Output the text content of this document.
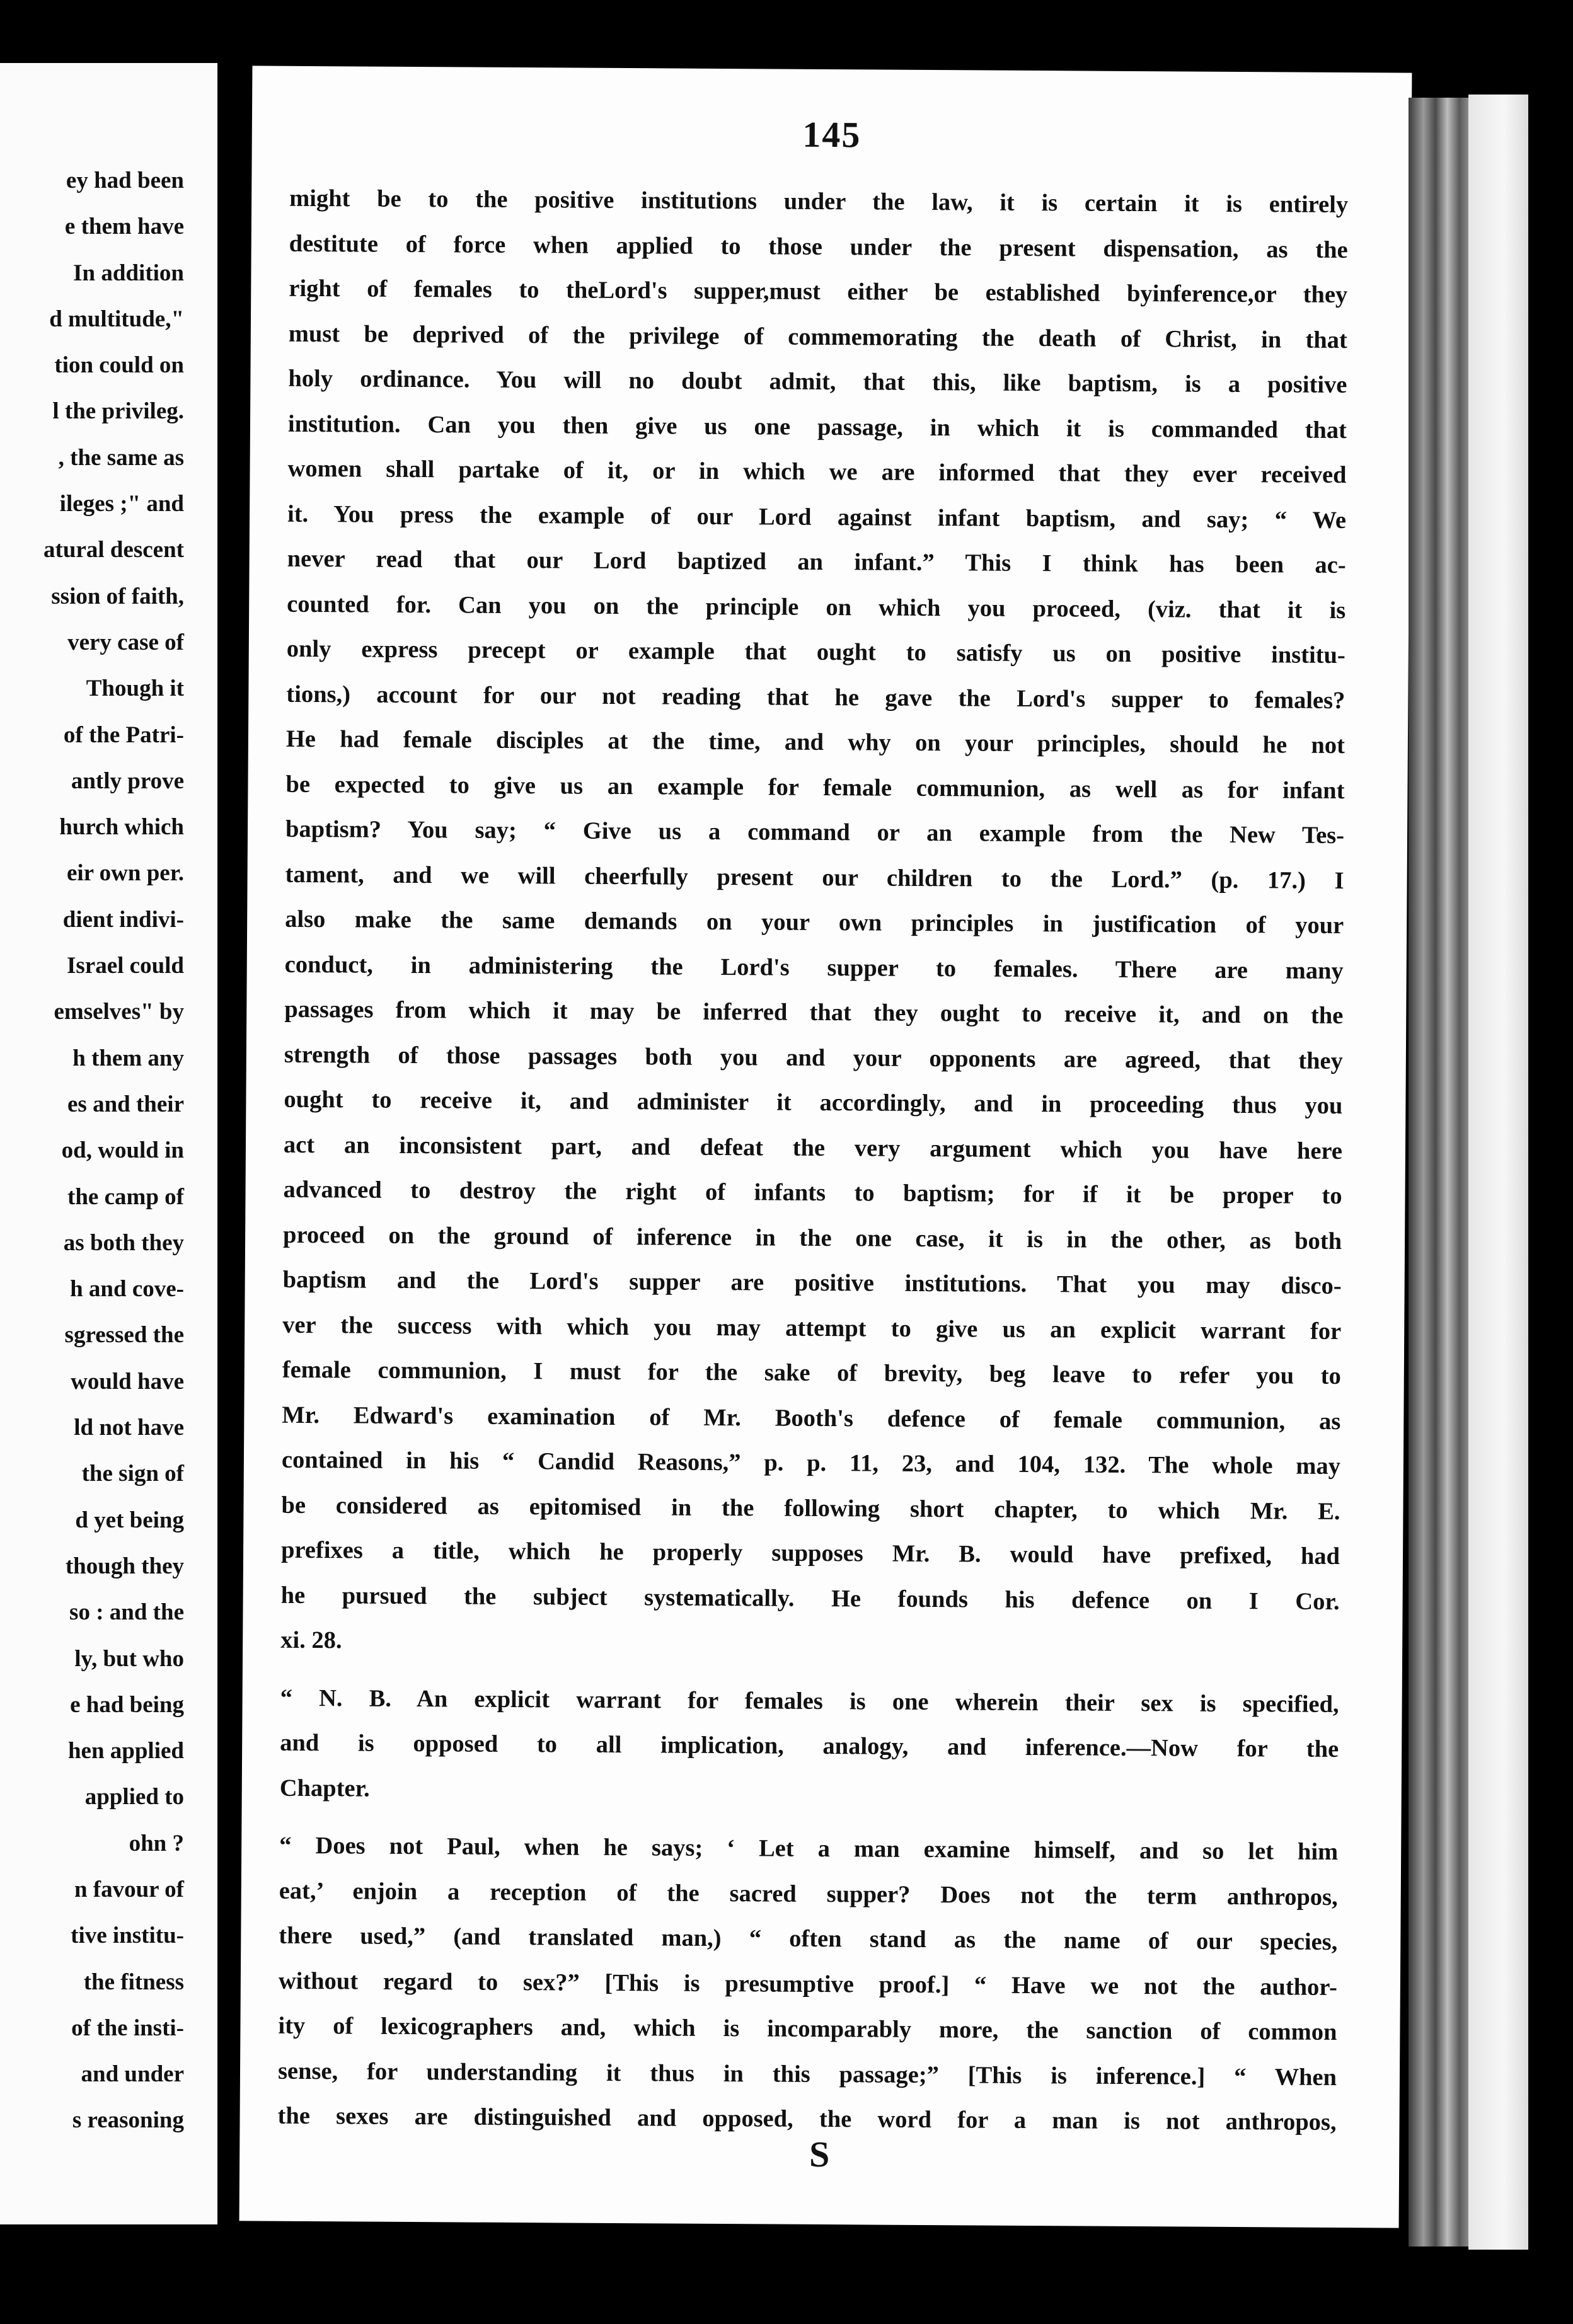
ey had been
e them have
In addition
d multitude,"
tion could on
l the privileg.
, the same as
ileges ;" and
atural descent
ssion of faith,
very case of
Though it
of the Patri-
antly prove
hurch which
eir own per.
dient indivi-
Israel could
emselves" by
h them any
es and their
od, would in
the camp of
as both they
h and cove-
sgressed the
would have
ld not have
the sign of
d yet being
though they
so : and the
ly, but who
e had being
hen applied
applied to
ohn ?
n favour of
tive institu-
the fitness
of the insti-
and under
s reasoning
145
might be to the positive institutions under the law, it is certain it is entirely
destitute of force when applied to those under the present dispensation, as the
right of females to theLord's supper,must either be established byinference,or they
must be deprived of the privilege of commemorating the death of Christ, in that
holy ordinance. You will no doubt admit, that this, like baptism, is a positive
institution. Can you then give us one passage, in which it is commanded that
women shall partake of it, or in which we are informed that they ever received
it. You press the example of our Lord against infant baptism, and say; “ We
never read that our Lord baptized an infant.” This I think has been ac-
counted for. Can you on the principle on which you proceed, (viz. that it is
only express precept or example that ought to satisfy us on positive institu-
tions,) account for our not reading that he gave the Lord's supper to females?
He had female disciples at the time, and why on your principles, should he not
be expected to give us an example for female communion, as well as for infant
baptism? You say; “ Give us a command or an example from the New Tes-
tament, and we will cheerfully present our children to the Lord.” (p. 17.) I
also make the same demands on your own principles in justification of your
conduct, in administering the Lord's supper to females. There are many
passages from which it may be inferred that they ought to receive it, and on the
strength of those passages both you and your opponents are agreed, that they
ought to receive it, and administer it accordingly, and in proceeding thus you
act an inconsistent part, and defeat the very argument which you have here
advanced to destroy the right of infants to baptism; for if it be proper to
proceed on the ground of inference in the one case, it is in the other, as both
baptism and the Lord's supper are positive institutions. That you may disco-
ver the success with which you may attempt to give us an explicit warrant for
female communion, I must for the sake of brevity, beg leave to refer you to
Mr. Edward's examination of Mr. Booth's defence of female communion, as
contained in his “ Candid Reasons,” p. p. 11, 23, and 104, 132. The whole may
be considered as epitomised in the following short chapter, to which Mr. E.
prefixes a title, which he properly supposes Mr. B. would have prefixed, had
he pursued the subject systematically. He founds his defence on I Cor.
xi. 28.
“ N. B. An explicit warrant for females is one wherein their sex is specified,
and is opposed to all implication, analogy, and inference.—Now for the
Chapter.
“ Does not Paul, when he says; ‘ Let a man examine himself, and so let him
eat,’ enjoin a reception of the sacred supper? Does not the term anthropos,
there used,” (and translated man,) “ often stand as the name of our species,
without regard to sex?” [This is presumptive proof.] “ Have we not the author-
ity of lexicographers and, which is incomparably more, the sanction of common
sense, for understanding it thus in this passage;” [This is inference.] “ When
the sexes are distinguished and opposed, the word for a man is not anthropos,
S
